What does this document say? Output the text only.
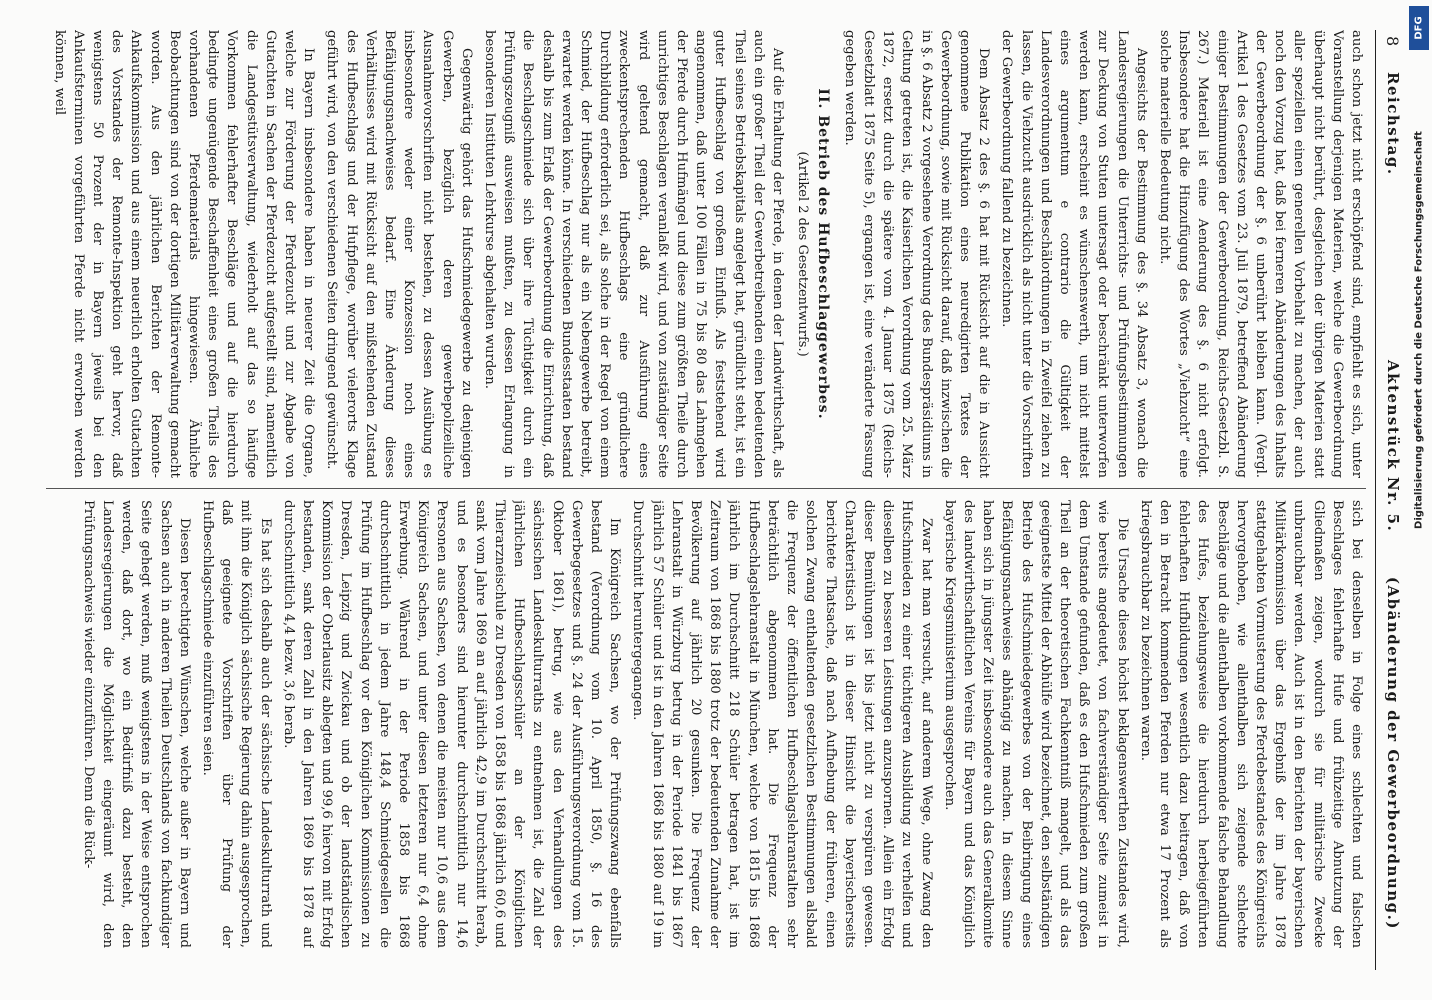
8
Reichstag.
Aktenstück Nr. 5.
(Abänderung der Gewerbeordnung.)

auch schon jetzt nicht erschöpfend sind, empfiehlt es sich, unter Voranstellung derjenigen Materien, welche die Gewerbeordnung überhaupt nicht berührt, desgleichen der übrigen Materien statt aller speziellen einen generellen Vorbehalt zu machen, der auch noch den Vorzug hat, daß bei ferneren Abänderungen des Inhalts der Gewerbeordnung der §. 6 unberührt bleiben kann. (Vergl. Artikel 1 des Gesetzes vom 23. Juli 1879, betreffend Abänderung einiger Bestimmungen der Gewerbeordnung, Reichs-Gesetzbl. S. 267.) Materiell ist eine Aenderung des §. 6 nicht erfolgt. Insbesondere hat die Hinzufügung des Wortes „Viehzucht“ eine solche materielle Bedeutung nicht.

Angesichts der Bestimmung des §. 34 Absatz 3, wonach die Landesregierungen die Unterrichts- und Prüfungsbestimmungen zur Deckung von Stuten untersagt oder beschränkt unterworfen werden kann, erscheint es wünschenswerth, um nicht mittelst eines argumentum e contrario die Gültigkeit der Landesverordnungen und Beschälordnungen in Zweifel ziehen zu lassen, die Viehzucht ausdrücklich als nicht unter die Vorschriften der Gewerbeordnung fallend zu bezeichnen.

Dem Absatz 2 des §. 6 hat mit Rücksicht auf die in Aussicht genommene Publikation eines neuredigirten Textes der Gewerbeordnung, sowie mit Rücksicht darauf, daß inzwischen die in §. 6 Absatz 2 vorgesehene Verordnung des Bundespräsidiums in Geltung getreten ist, die Kaiserlichen Verordnung vom 25. März 1872, ersetzt durch die spätere vom 4. Januar 1875 (Reichs-Gesetzblatt 1875 Seite 5), ergangen ist, eine veränderte Fassung gegeben werden.

II. Betrieb des Hufbeschlaggewerbes.
(Artikel 2 des Gesetzentwurfs.)

Auf die Erhaltung der Pferde, in denen der Landwirthschaft, als auch ein großer Theil der Gewerbetreibenden einen bedeutenden Theil seines Betriebskapitals angelegt hat, gründlicht steht, ist ein guter Hufbeschlag von großem Einfluß. Als feststehend wird angenommen, daß unter 100 Fällen in 75 bis 80 das Lahmgehen der Pferde durch Hufmängel und diese zum größten Theile durch unrichtiges Beschlagen veranlaßt wird, und von zuständiger Seite wird geltend gemacht, daß zur Ausführung eines zweckentsprechenden Hufbeschlags eine gründlichere Durchbildung erforderlich sei, als solche in der Regel von einem Schmied, der Hufbeschlag nur als ein Nebengewerbe betreibt, erwartet werden könne. In verschiedenen Bundesstaaten bestand deshalb bis zum Erlaß der Gewerbeordnung die Einrichtung, daß die Beschlagschmiede sich über ihre Tüchtigkeit durch ein Prüfungszeugniß ausweisen mußten, zu dessen Erlangung in besonderen Instituten Lehrkurse abgehalten wurden.

Gegenwärtig gehört das Hufschmiedegewerbe zu denjenigen Gewerben, bezüglich deren gewerbepolizeiliche Ausnahmevorschriften nicht bestehen, zu dessen Ausübung es insbesondere weder einer Konzession noch eines Befähigungsnachweises bedarf. Eine Änderung dieses Verhältnisses wird mit Rücksicht auf den mißstehenden Zustand des Hufbeschlags und der Hufpflege, worüber vielerorts Klage geführt wird, von den verschiedenen Seiten dringend gewünscht.

In Bayern insbesondere haben in neuerer Zeit die Organe, welche zur Förderung der Pferdezucht und zur Abgabe von Gutachten in Sachen der Pferdezucht aufgestellt sind, namentlich die Landgestütsverwaltung, wiederholt auf das so häufige Vorkommen fehlerhafter Beschläge und auf die hierdurch bedingte ungenügende Beschaffenheit eines großen Theils des vorhandenen Pferdematerials hingewiesen. Ähnliche Beobachtungen sind von der dortigen Militärverwaltung gemacht worden. Aus den jährlichen Berichten der Remonte-Ankaufskommission und aus einem neuerlich erholten Gutachten des Vorstandes der Remonte-Inspektion geht hervor, daß wenigstens 50 Prozent der in Bayern jeweils bei den Ankaufsterminen vorgeführten Pferde nicht erworben werden können, weil

sich bei denselben in Folge eines schlechten und falschen Beschlages fehlerhafte Hufe und frühzeitige Abnutzung der Gliedmaßen zeigen, wodurch sie für militärische Zwecke unbrauchbar werden. Auch ist in den Berichten der bayerischen Militärkommission über das Ergebniß der im Jahre 1878 stattgehabten Vormusterung des Pferdebestandes des Königreichs hervorgehoben, wie allenthalben sich zeigende schlechte Beschläge und die allenthalben vorkommende falsche Behandlung des Hufes, beziehungsweise die hierdurch herbeigeführten fehlerhaften Hufbildungen wesentlich dazu beitragen, daß von den in Betracht kommenden Pferden nur etwa 17 Prozent als kriegsbrauchbar zu bezeichnen waren.

Die Ursache dieses höchst beklagenswerthen Zustandes wird, wie bereits angedeutet, von fachverständiger Seite zumeist in dem Umstande gefunden, daß es den Hufschmieden zum großen Theil an der theoretischen Fachkenntniß mangelt, und als das geeignetste Mittel der Abhülfe wird bezeichnet, den selbständigen Betrieb des Hufschmiedegewerbes von der Beibringung eines Befähigungsnachweises abhängig zu machen. In diesem Sinne haben sich in jüngster Zeit insbesondere auch das Generalkomite des landwirthschaftlichen Vereins für Bayern und das Königlich bayerische Kriegsministerium ausgesprochen.

Zwar hat man versucht, auf anderem Wege, ohne Zwang den Hufschmieden zu einer tüchtigeren Ausbildung zu verhelfen und dieselben zu besseren Leistungen anzuspornen. Allein ein Erfolg dieser Bemühungen ist bis jetzt nicht zu verspüren gewesen. Charakteristisch ist in dieser Hinsicht die bayerischerseits berichtete Thatsache, daß nach Aufhebung der früheren, einen solchen Zwang enthaltenden gesetzlichen Bestimmungen alsbald die Frequenz der öffentlichen Hufbeschlagslehranstalten sehr beträchtlich abgenommen hat. Die Frequenz der Hufbeschlagslehranstalt in München, welche von 1815 bis 1868 jährlich im Durchschnitt 218 Schüler betragen hat, ist im Zeitraum von 1868 bis 1880 trotz der bedeutenden Zunahme der Bevölkerung auf jährlich 20 gesunken. Die Frequenz der Lehranstalt in Würzburg betrug in der Periode 1841 bis 1867 jährlich 57 Schüler und ist in den Jahren 1868 bis 1880 auf 19 im Durchschnitt heruntergegangen.

Im Königreich Sachsen, wo der Prüfungszwang ebenfalls bestand (Verordnung vom 10. April 1850, §. 16 des Gewerbegesetzes und §. 24 der Ausführungsverordnung vom 15. Oktober 1861), betrug, wie aus den Verhandlungen des sächsischen Landeskulturraths zu entnehmen ist, die Zahl der jährlichen Hufbeschlagsschüler an der Königlichen Thierarzneischule zu Dresden von 1858 bis 1868 jährlich 60,6 und sank vom Jahre 1869 an auf jährlich 42,9 im Durchschnitt herab, und es besonders sind hierunter durchschnittlich nur 14,6 Personen aus Sachsen, von denen die meisten nur 10,6 aus dem Königreich Sachsen, und unter diesen letzteren nur 6,4 ohne Erwerbung. Während in der Periode 1858 bis 1868 durchschnittlich in jedem Jahre 148,4 Schmiedgesellen die Prüfung im Hufbeschlag vor den Königlichen Kommissionen zu Dresden, Leipzig und Zwickau und ob der landständischen Kommission der Oberlausitz ablegten und 99,6 hiervon mit Erfolg bestanden, sank deren Zahl in den Jahren 1869 bis 1878 auf durchschnittlich 4,4 bezw. 3,6 herab.

Es hat sich deshalb auch der sächsische Landeskulturrath und mit ihm die Königlich sächsische Regierung dahin ausgesprochen, daß geeignete Vorschriften über Prüfung der Hufbeschlagschmiede einzuführen seien.

Diesen berechtigten Wünschen, welche außer in Bayern und Sachsen auch in anderen Theilen Deutschlands von fachkundiger Seite gehegt werden, muß wenigstens in der Weise entsprochen werden, daß dort, wo ein Bedürfniß dazu besteht, den Landesregierungen die Möglichkeit eingeräumt wird, den Prüfungsnachweis wieder einzuführen. Denn die Rück-

DFG
Digitalisierung gefördert durch die Deutsche Forschungsgemeinschaft
